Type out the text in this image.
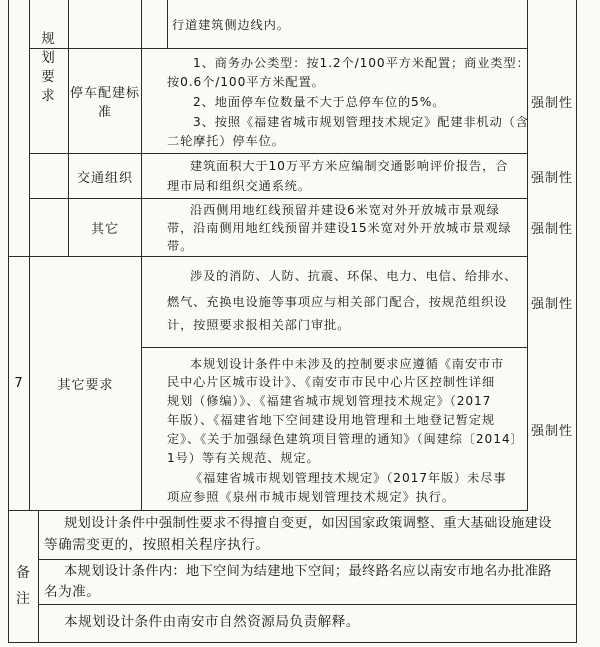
规划要求
行道建筑侧边线内。
停车配建标准
1、商务办公类型：按1.2个/100平方米配置；商业类型：
按0.6个/100平方米配置。
2、地面停车位数量不大于总停车位的5%。
3、按照《福建省城市规划管理技术规定》配建非机动（含
二轮摩托）停车位。
强制性
交通组织
建筑面积大于10万平方米应编制交通影响评价报告，合
理市局和组织交通系统。
强制性
其它
沿西侧用地红线预留并建设6米宽对外开放城市景观绿
带，沿南侧用地红线预留并建设15米宽对外开放城市景观绿
带。
强制性
7	其它要求
涉及的消防、人防、抗震、环保、电力、电信、给排水、
燃气、充换电设施等事项应与相关部门配合，按规范组织设
计，按照要求报相关部门审批。
强制性
本规划设计条件中未涉及的控制要求应遵循《南安市市
民中心片区城市设计》、《南安市市民中心片区控制性详细
规划（修编）》、《福建省城市规划管理技术规定》（2017
年版）、《福建省地下空间建设用地管理和土地登记暂定规
定》、《关于加强绿色建筑项目管理的通知》（闽建综〔2014〕
1号）等有关规范、规定。
《福建省城市规划管理技术规定》（2017年版）未尽事
项应参照《泉州市城市规划管理技术规定》执行。
强制性
备注
规划设计条件中强制性要求不得擅自变更，如因国家政策调整、重大基础设施建设
等确需变更的，按照相关程序执行。
本规划设计条件内：地下空间为结建地下空间；最终路名应以南安市地名办批准路
名为准。
本规划设计条件由南安市自然资源局负责解释。
